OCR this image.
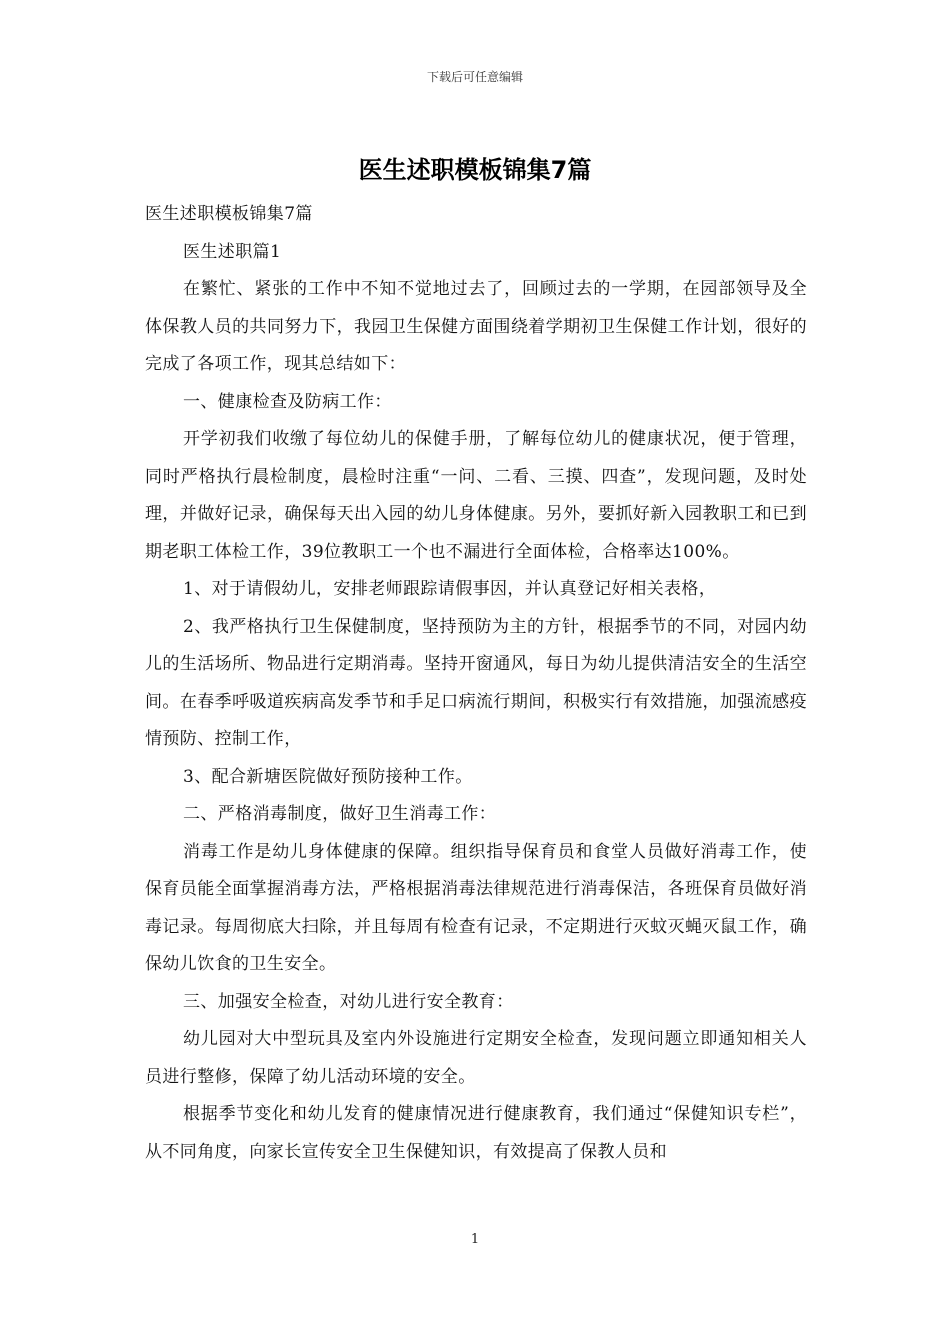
下载后可任意编辑
医生述职模板锦集7篇

医生述职模板锦集7篇

医生述职篇1

在繁忙、紧张的工作中不知不觉地过去了，回顾过去的一学期，在园部领导及全体保教人员的共同努力下，我园卫生保健方面围绕着学期初卫生保健工作计划，很好的完成了各项工作，现其总结如下：

一、健康检查及防病工作：

开学初我们收缴了每位幼儿的保健手册，了解每位幼儿的健康状况，便于管理，同时严格执行晨检制度，晨检时注重“一问、二看、三摸、四查”，发现问题，及时处理，并做好记录，确保每天出入园的幼儿身体健康。另外，要抓好新入园教职工和已到期老职工体检工作，39位教职工一个也不漏进行全面体检，合格率达100%。

1、对于请假幼儿，安排老师跟踪请假事因，并认真登记好相关表格，

2、我严格执行卫生保健制度，坚持预防为主的方针，根据季节的不同，对园内幼儿的生活场所、物品进行定期消毒。坚持开窗通风，每日为幼儿提供清洁安全的生活空间。在春季呼吸道疾病高发季节和手足口病流行期间，积极实行有效措施，加强流感疫情预防、控制工作，

3、配合新塘医院做好预防接种工作。

二、严格消毒制度，做好卫生消毒工作：

消毒工作是幼儿身体健康的保障。组织指导保育员和食堂人员做好消毒工作，使保育员能全面掌握消毒方法，严格根据消毒法律规范进行消毒保洁，各班保育员做好消毒记录。每周彻底大扫除，并且每周有检查有记录，不定期进行灭蚊灭蝇灭鼠工作，确保幼儿饮食的卫生安全。

三、加强安全检查，对幼儿进行安全教育：

幼儿园对大中型玩具及室内外设施进行定期安全检查，发现问题立即通知相关人员进行整修，保障了幼儿活动环境的安全。

根据季节变化和幼儿发育的健康情况进行健康教育，我们通过“保健知识专栏”，从不同角度，向家长宣传安全卫生保健知识，有效提高了保教人员和

1
